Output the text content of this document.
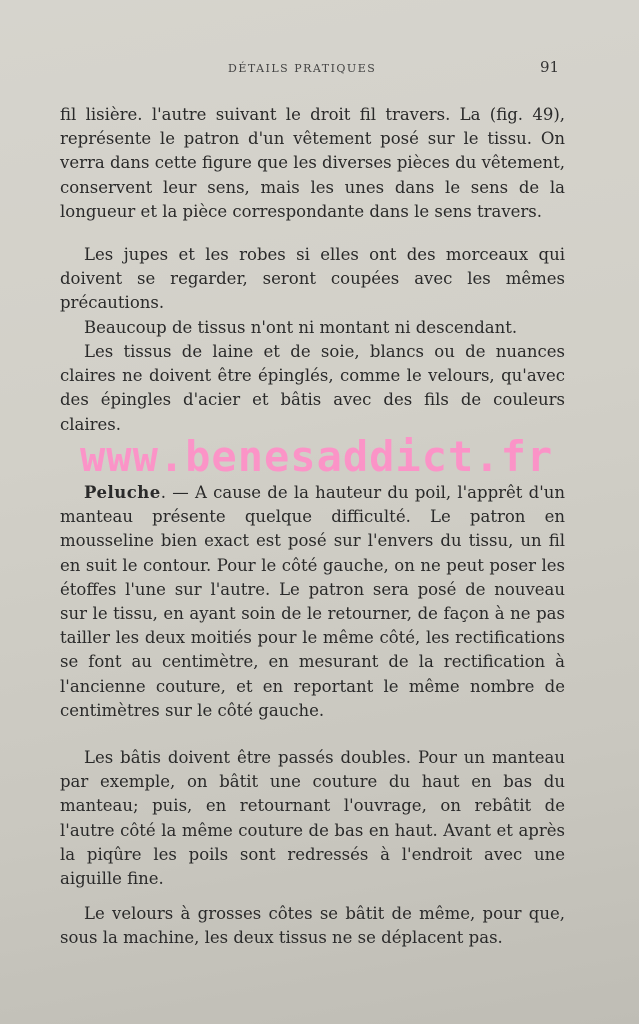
DÉTAILS PRATIQUES	91

fil lisière. l'autre suivant le droit fil travers. La (fig. 49), représente le patron d'un vêtement posé sur le tissu. On verra dans cette figure que les diverses pièces du vêtement, conservent leur sens, mais les unes dans le sens de la longueur et la pièce correspondante dans le sens travers.

Les jupes et les robes si elles ont des morceaux qui doivent se regarder, seront coupées avec les mêmes précautions.

Beaucoup de tissus n'ont ni montant ni descendant.

Les tissus de laine et de soie, blancs ou de nuances claires ne doivent être épinglés, comme le velours, qu'avec des épingles d'acier et bâtis avec des fils de couleurs claires.

www.benesaddict.fr

Peluche. — A cause de la hauteur du poil, l'apprêt d'un manteau présente quelque difficulté. Le patron en mousseline bien exact est posé sur l'envers du tissu, un fil en suit le contour. Pour le côté gauche, on ne peut poser les étoffes l'une sur l'autre. Le patron sera posé de nouveau sur le tissu, en ayant soin de le retourner, de façon à ne pas tailler les deux moitiés pour le même côté, les rectifications se font au centimètre, en mesurant de la rectification à l'ancienne couture, et en reportant le même nombre de centimètres sur le côté gauche.

Les bâtis doivent être passés doubles. Pour un manteau par exemple, on bâtit une couture du haut en bas du manteau; puis, en retournant l'ouvrage, on rebâtit de l'autre côté la même couture de bas en haut. Avant et après la piqûre les poils sont redressés à l'endroit avec une aiguille fine.

Le velours à grosses côtes se bâtit de même, pour que, sous la machine, les deux tissus ne se déplacent pas.
